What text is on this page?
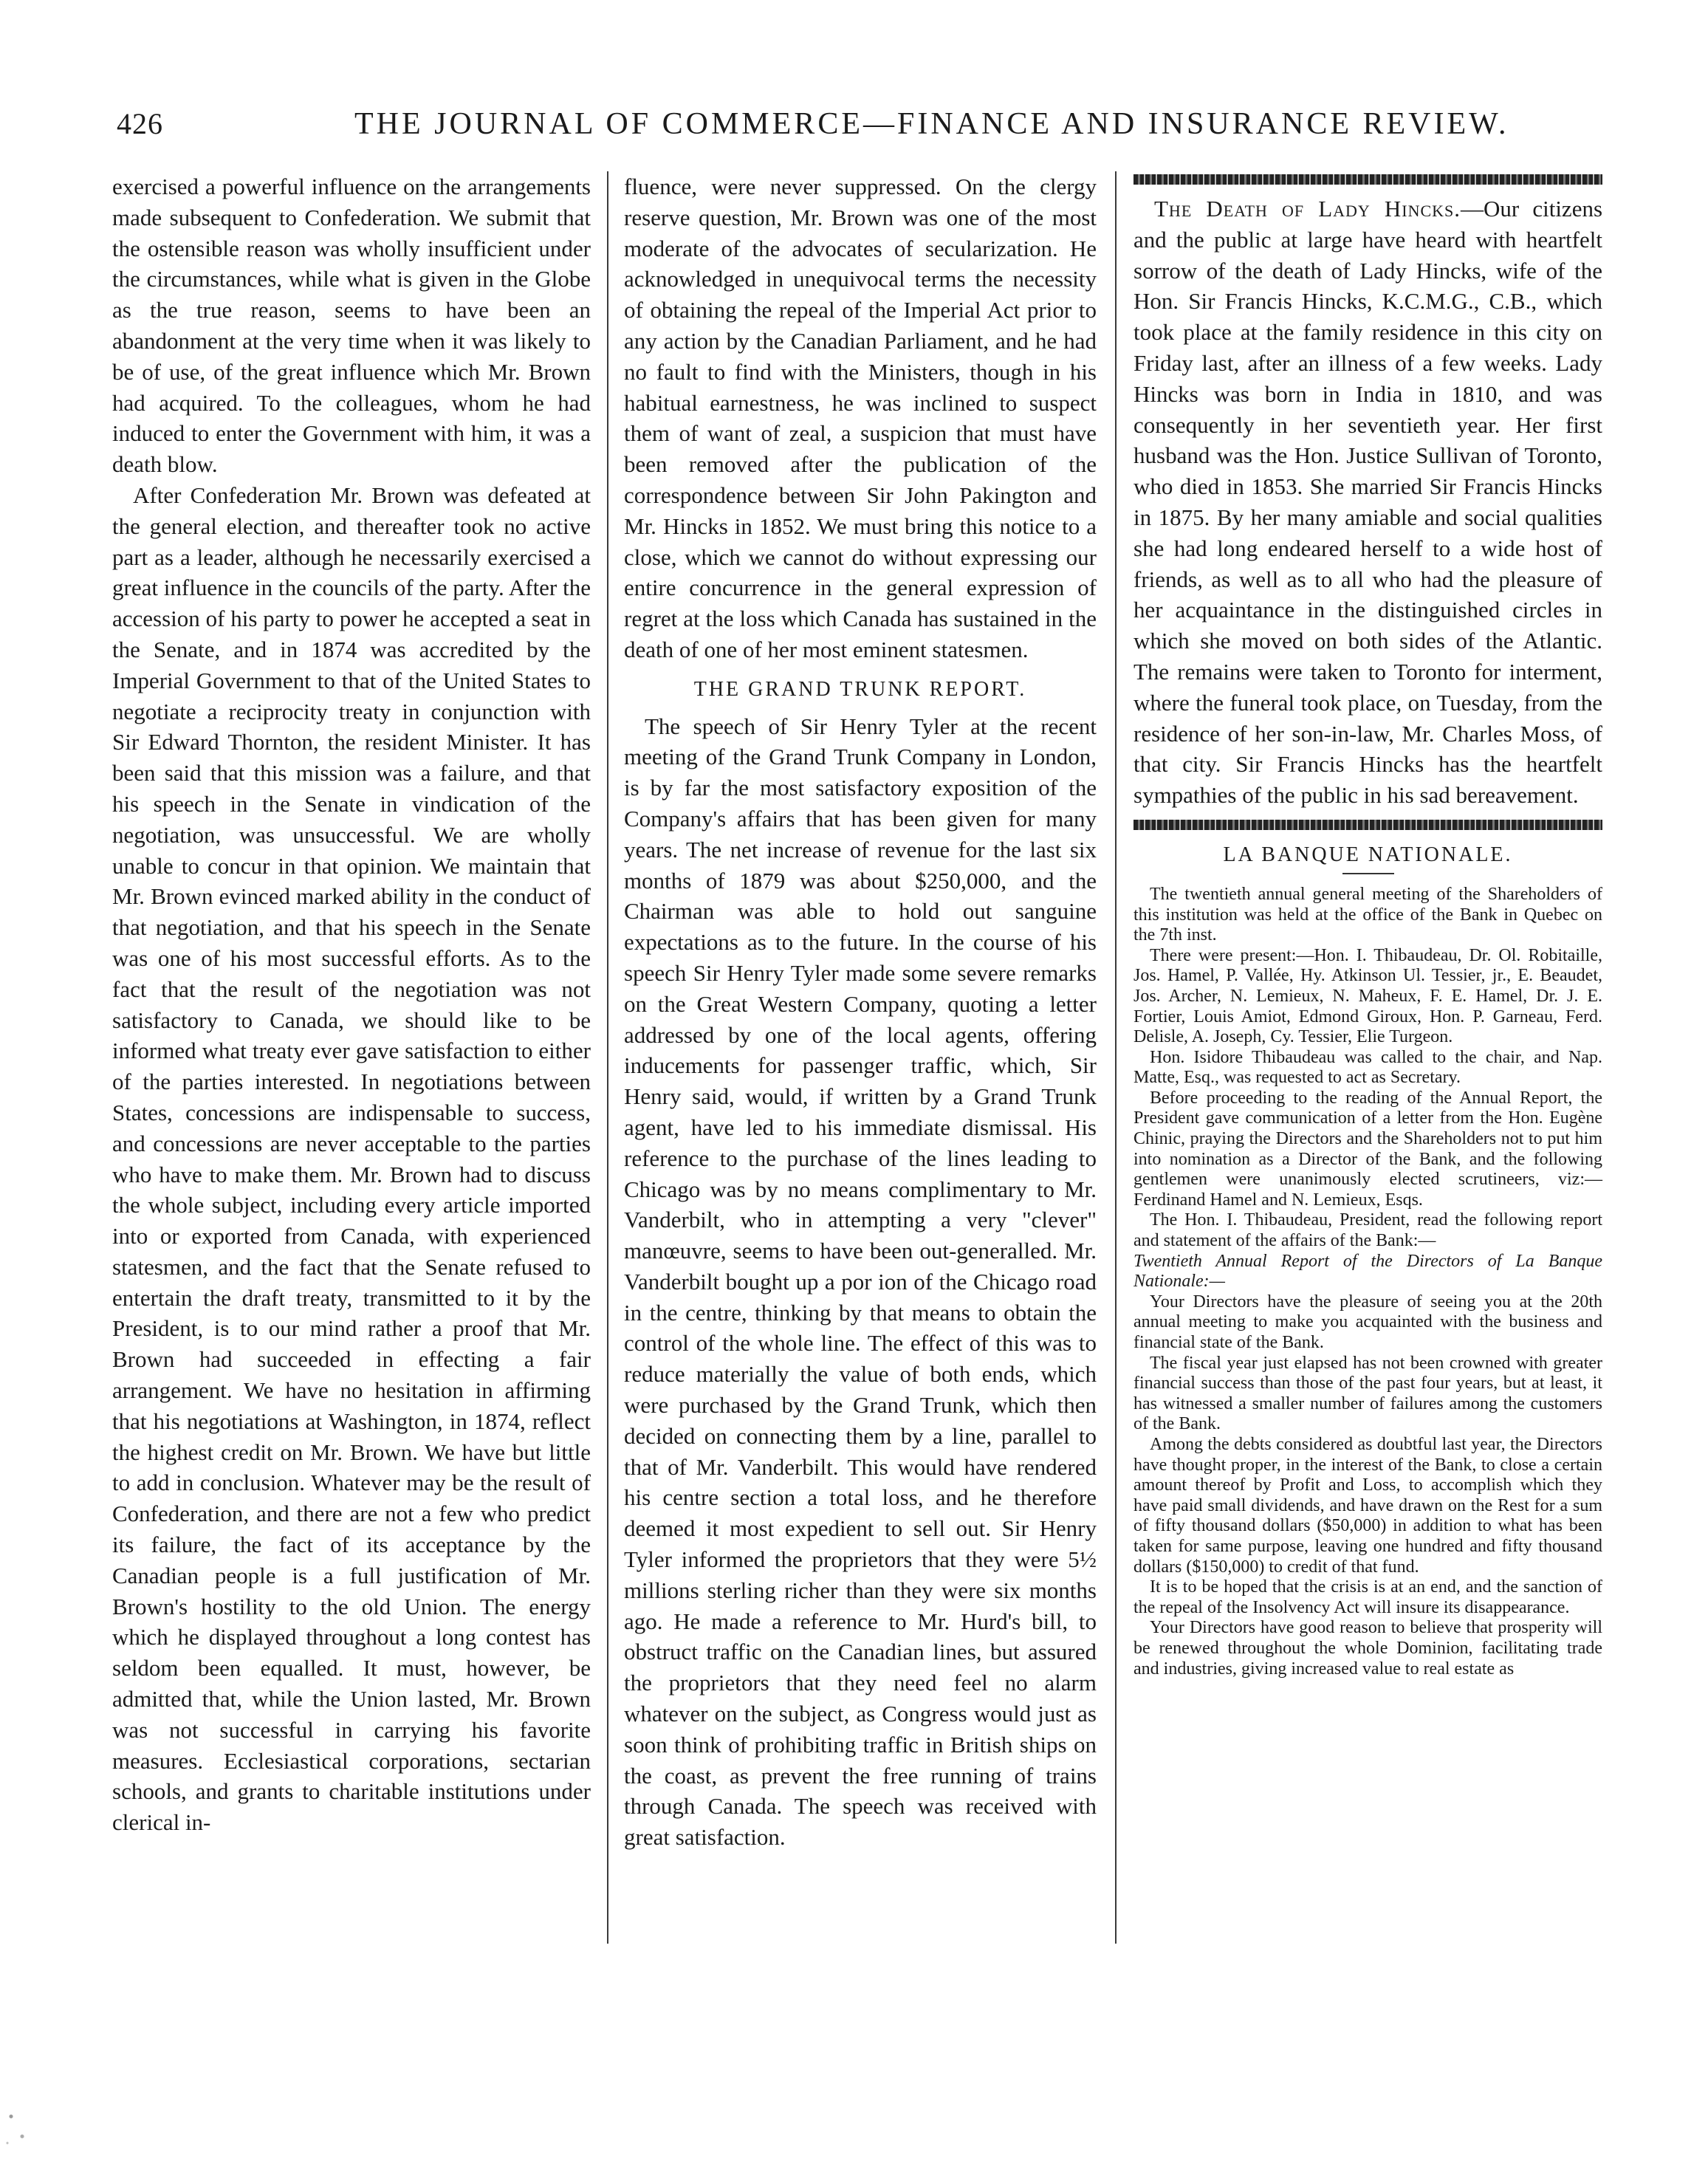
426	THE JOURNAL OF COMMERCE—FINANCE AND INSURANCE REVIEW.

exercised a powerful influence on the arrangements made subsequent to Confederation. We submit that the ostensible reason was wholly insufficient under the circumstances, while what is given in the Globe as the true reason, seems to have been an abandonment at the very time when it was likely to be of use, of the great influence which Mr. Brown had acquired. To the colleagues, whom he had induced to enter the Government with him, it was a death blow.

After Confederation Mr. Brown was defeated at the general election, and thereafter took no active part as a leader, although he necessarily exercised a great influence in the councils of the party. After the accession of his party to power he accepted a seat in the Senate, and in 1874 was accredited by the Imperial Government to that of the United States to negotiate a reciprocity treaty in conjunction with Sir Edward Thornton, the resident Minister. It has been said that this mission was a failure, and that his speech in the Senate in vindication of the negotiation, was unsuccessful. We are wholly unable to concur in that opinion. We maintain that Mr. Brown evinced marked ability in the conduct of that negotiation, and that his speech in the Senate was one of his most successful efforts. As to the fact that the result of the negotiation was not satisfactory to Canada, we should like to be informed what treaty ever gave satisfaction to either of the parties interested. In negotiations between States, concessions are indispensable to success, and concessions are never acceptable to the parties who have to make them. Mr. Brown had to discuss the whole subject, including every article imported into or exported from Canada, with experienced statesmen, and the fact that the Senate refused to entertain the draft treaty, transmitted to it by the President, is to our mind rather a proof that Mr. Brown had succeeded in effecting a fair arrangement. We have no hesitation in affirming that his negotiations at Washington, in 1874, reflect the highest credit on Mr. Brown. We have but little to add in conclusion. Whatever may be the result of Confederation, and there are not a few who predict its failure, the fact of its acceptance by the Canadian people is a full justification of Mr. Brown's hostility to the old Union. The energy which he displayed throughout a long contest has seldom been equalled. It must, however, be admitted that, while the Union lasted, Mr. Brown was not successful in carrying his favorite measures. Ecclesiastical corporations, sectarian schools, and grants to charitable institutions under clerical in-

fluence, were never suppressed. On the clergy reserve question, Mr. Brown was one of the most moderate of the advocates of secularization. He acknowledged in unequivocal terms the necessity of obtaining the repeal of the Imperial Act prior to any action by the Canadian Parliament, and he had no fault to find with the Ministers, though in his habitual earnestness, he was inclined to suspect them of want of zeal, a suspicion that must have been removed after the publication of the correspondence between Sir John Pakington and Mr. Hincks in 1852. We must bring this notice to a close, which we cannot do without expressing our entire concurrence in the general expression of regret at the loss which Canada has sustained in the death of one of her most eminent statesmen.

THE GRAND TRUNK REPORT.

The speech of Sir Henry Tyler at the recent meeting of the Grand Trunk Company in London, is by far the most satisfactory exposition of the Company's affairs that has been given for many years. The net increase of revenue for the last six months of 1879 was about $250,000, and the Chairman was able to hold out sanguine expectations as to the future. In the course of his speech Sir Henry Tyler made some severe remarks on the Great Western Company, quoting a letter addressed by one of the local agents, offering inducements for passenger traffic, which, Sir Henry said, would, if written by a Grand Trunk agent, have led to his immediate dismissal. His reference to the purchase of the lines leading to Chicago was by no means complimentary to Mr. Vanderbilt, who in attempting a very "clever" manœuvre, seems to have been out-generalled. Mr. Vanderbilt bought up a por ion of the Chicago road in the centre, thinking by that means to obtain the control of the whole line. The effect of this was to reduce materially the value of both ends, which were purchased by the Grand Trunk, which then decided on connecting them by a line, parallel to that of Mr. Vanderbilt. This would have rendered his centre section a total loss, and he therefore deemed it most expedient to sell out. Sir Henry Tyler informed the proprietors that they were 5½ millions sterling richer than they were six months ago. He made a reference to Mr. Hurd's bill, to obstruct traffic on the Canadian lines, but assured the proprietors that they need feel no alarm whatever on the subject, as Congress would just as soon think of prohibiting traffic in British ships on the coast, as prevent the free running of trains through Canada. The speech was received with great satisfaction.

The Death of Lady Hincks.—Our citizens and the public at large have heard with heartfelt sorrow of the death of Lady Hincks, wife of the Hon. Sir Francis Hincks, K.C.M.G., C.B., which took place at the family residence in this city on Friday last, after an illness of a few weeks. Lady Hincks was born in India in 1810, and was consequently in her seventieth year. Her first husband was the Hon. Justice Sullivan of Toronto, who died in 1853. She married Sir Francis Hincks in 1875. By her many amiable and social qualities she had long endeared herself to a wide host of friends, as well as to all who had the pleasure of her acquaintance in the distinguished circles in which she moved on both sides of the Atlantic. The remains were taken to Toronto for interment, where the funeral took place, on Tuesday, from the residence of her son-in-law, Mr. Charles Moss, of that city. Sir Francis Hincks has the heartfelt sympathies of the public in his sad bereavement.

LA BANQUE NATIONALE.

The twentieth annual general meeting of the Shareholders of this institution was held at the office of the Bank in Quebec on the 7th inst.

There were present:—Hon. I. Thibaudeau, Dr. Ol. Robitaille, Jos. Hamel, P. Vallée, Hy. Atkinson Ul. Tessier, jr., E. Beaudet, Jos. Archer, N. Lemieux, N. Maheux, F. E. Hamel, Dr. J. E. Fortier, Louis Amiot, Edmond Giroux, Hon. P. Garneau, Ferd. Delisle, A. Joseph, Cy. Tessier, Elie Turgeon.

Hon. Isidore Thibaudeau was called to the chair, and Nap. Matte, Esq., was requested to act as Secretary.

Before proceeding to the reading of the Annual Report, the President gave communication of a letter from the Hon. Eugène Chinic, praying the Directors and the Shareholders not to put him into nomination as a Director of the Bank, and the following gentlemen were unanimously elected scrutineers, viz:—Ferdinand Hamel and N. Lemieux, Esqs.

The Hon. I. Thibaudeau, President, read the following report and statement of the affairs of the Bank:—

Twentieth Annual Report of the Directors of La Banque Nationale:—

Your Directors have the pleasure of seeing you at the 20th annual meeting to make you acquainted with the business and financial state of the Bank.

The fiscal year just elapsed has not been crowned with greater financial success than those of the past four years, but at least, it has witnessed a smaller number of failures among the customers of the Bank.

Among the debts considered as doubtful last year, the Directors have thought proper, in the interest of the Bank, to close a certain amount thereof by Profit and Loss, to accomplish which they have paid small dividends, and have drawn on the Rest for a sum of fifty thousand dollars ($50,000) in addition to what has been taken for same purpose, leaving one hundred and fifty thousand dollars ($150,000) to credit of that fund.

It is to be hoped that the crisis is at an end, and the sanction of the repeal of the Insolvency Act will insure its disappearance.

Your Directors have good reason to believe that prosperity will be renewed throughout the whole Dominion, facilitating trade and industries, giving increased value to real estate as
